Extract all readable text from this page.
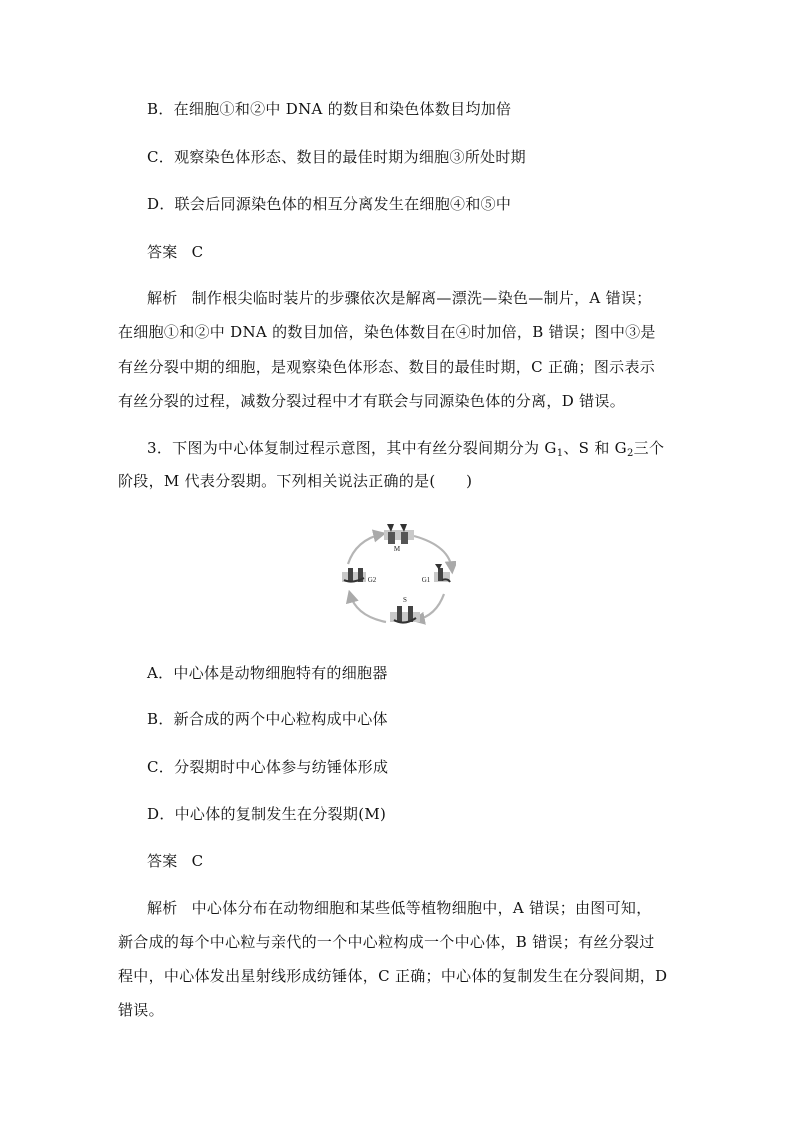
B．在细胞①和②中 DNA 的数目和染色体数目均加倍
C．观察染色体形态、数目的最佳时期为细胞③所处时期
D．联会后同源染色体的相互分离发生在细胞④和⑤中
答案 C
解析 制作根尖临时装片的步骤依次是解离—漂洗—染色—制片，A 错误；
在细胞①和②中 DNA 的数目加倍，染色体数目在④时加倍，B 错误；图中③是
有丝分裂中期的细胞，是观察染色体形态、数目的最佳时期，C 正确；图示表示
有丝分裂的过程，减数分裂过程中才有联会与同源染色体的分离，D 错误。
3．下图为中心体复制过程示意图，其中有丝分裂间期分为 $G_1$、S 和 $G_2$三个
阶段，M 代表分裂期。下列相关说法正确的是(　　)
M
G1
S
G2
A．中心体是动物细胞特有的细胞器
B．新合成的两个中心粒构成中心体
C．分裂期时中心体参与纺锤体形成
D．中心体的复制发生在分裂期(M)
答案 C
解析 中心体分布在动物细胞和某些低等植物细胞中，A 错误；由图可知，
新合成的每个中心粒与亲代的一个中心粒构成一个中心体，B 错误；有丝分裂过
程中，中心体发出星射线形成纺锤体，C 正确；中心体的复制发生在分裂间期，D
错误。
